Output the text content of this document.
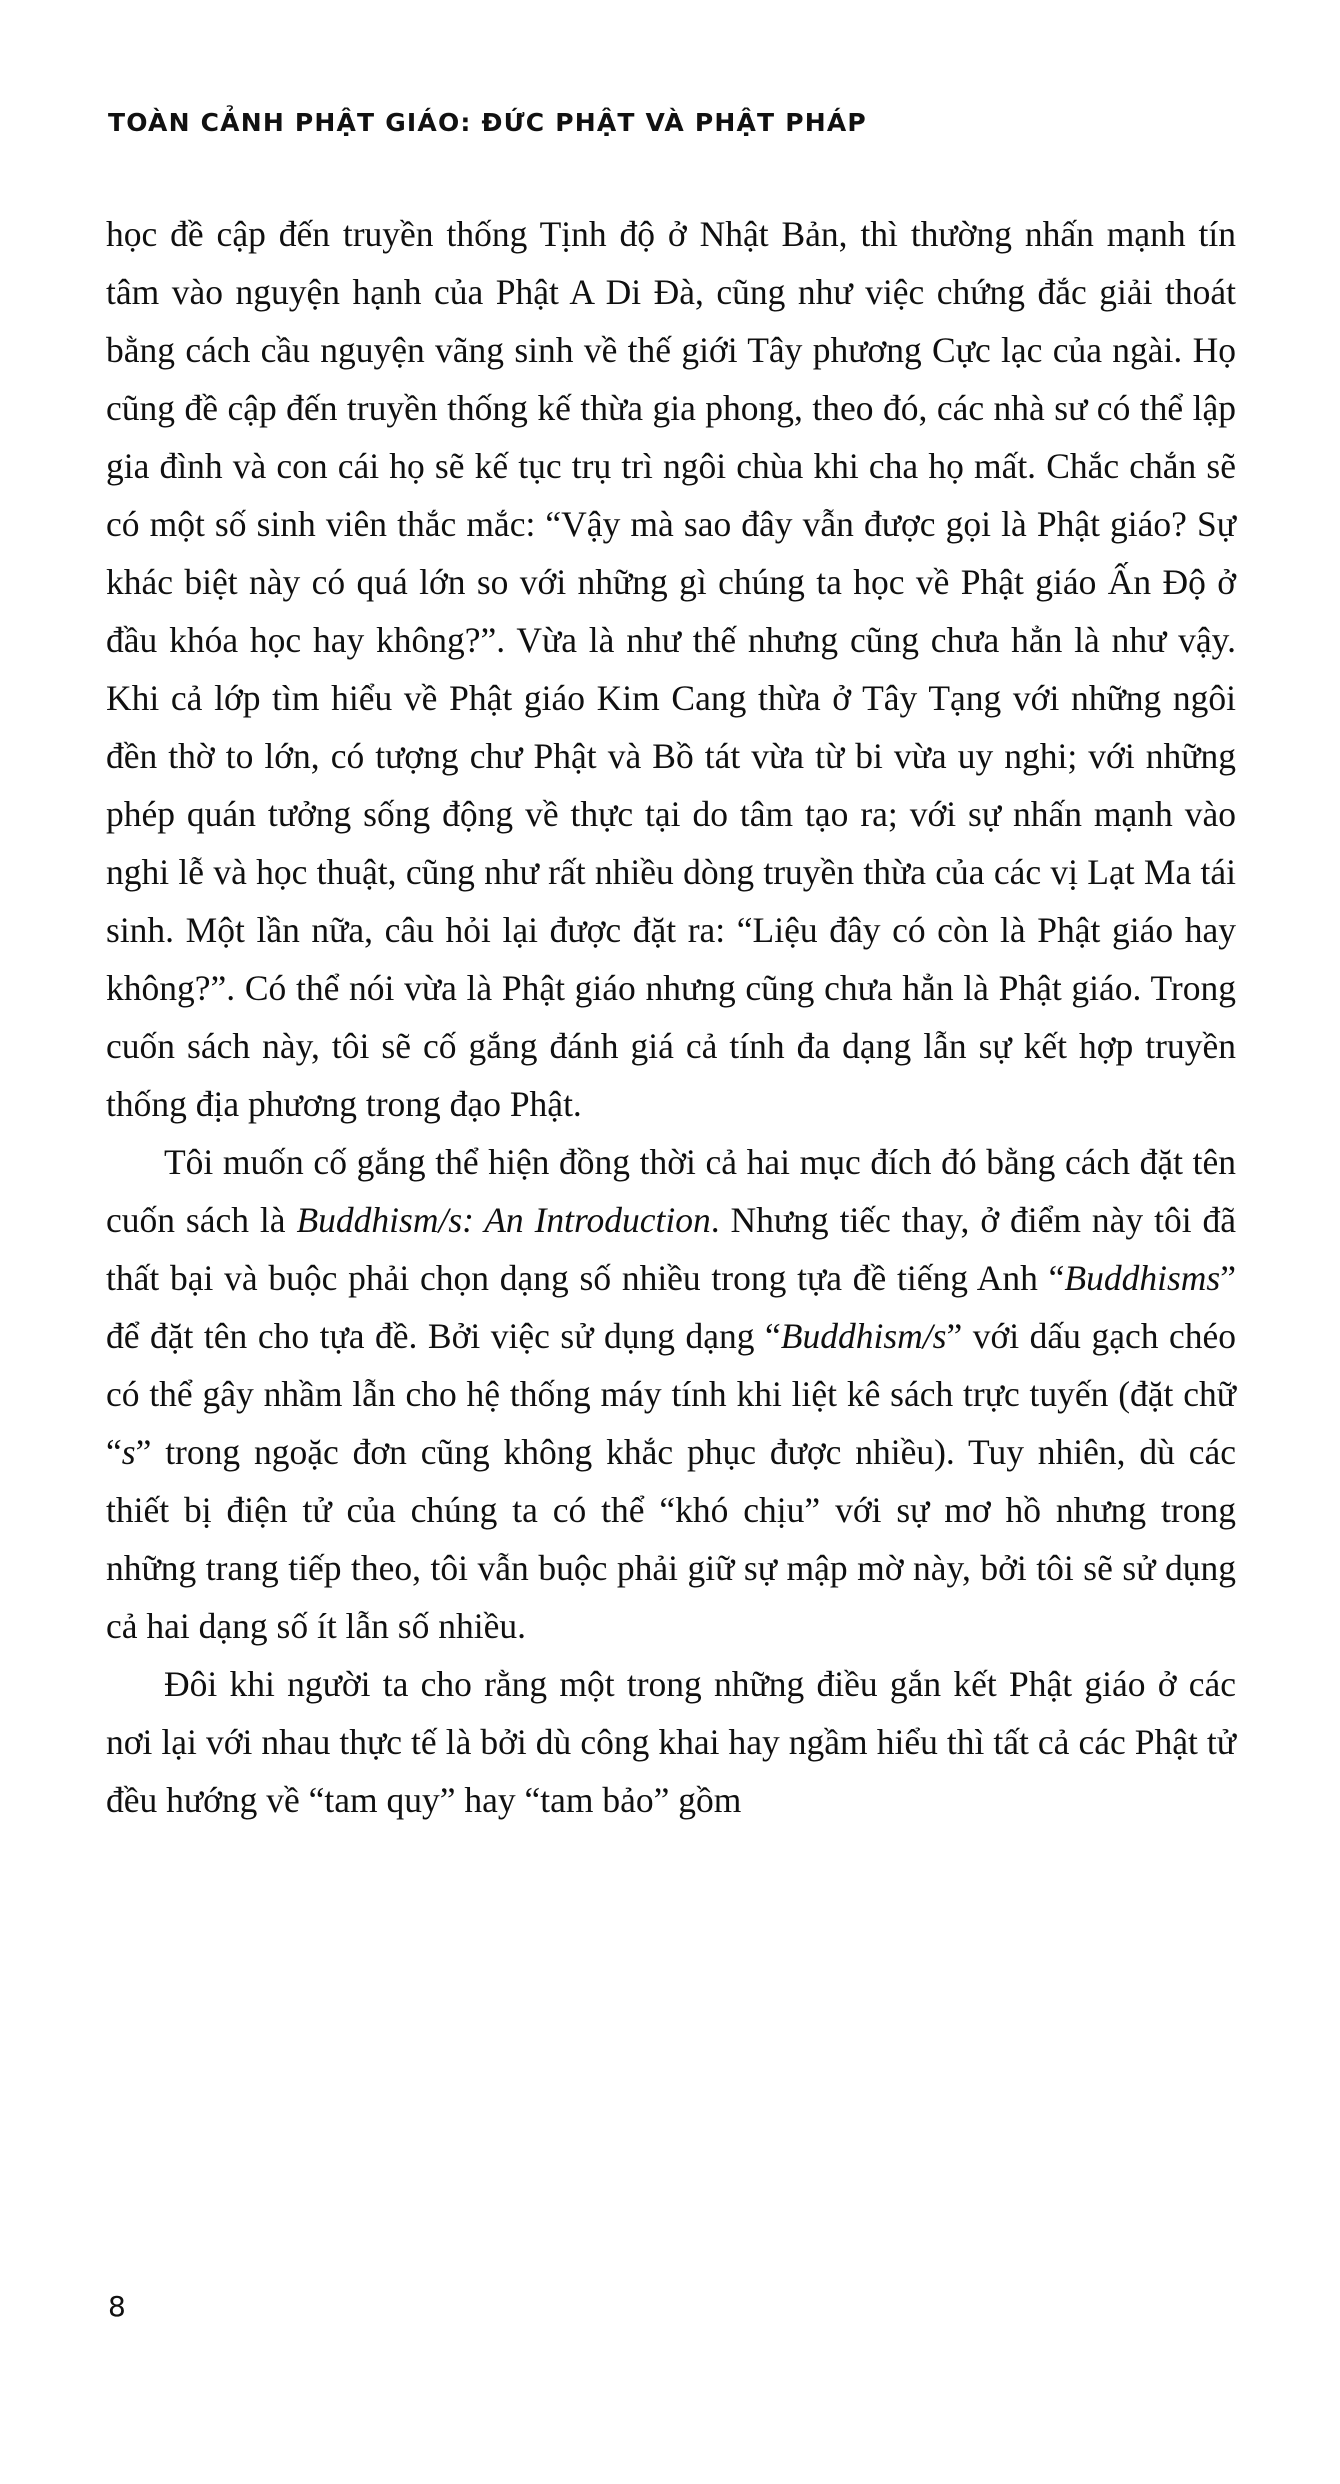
TOÀN CẢNH PHẬT GIÁO: ĐỨC PHẬT VÀ PHẬT PHÁP

học đề cập đến truyền thống Tịnh độ ở Nhật Bản, thì thường nhấn mạnh tín tâm vào nguyện hạnh của Phật A Di Đà, cũng như việc chứng đắc giải thoát bằng cách cầu nguyện vãng sinh về thế giới Tây phương Cực lạc của ngài. Họ cũng đề cập đến truyền thống kế thừa gia phong, theo đó, các nhà sư có thể lập gia đình và con cái họ sẽ kế tục trụ trì ngôi chùa khi cha họ mất. Chắc chắn sẽ có một số sinh viên thắc mắc: “Vậy mà sao đây vẫn được gọi là Phật giáo? Sự khác biệt này có quá lớn so với những gì chúng ta học về Phật giáo Ấn Độ ở đầu khóa học hay không?”. Vừa là như thế nhưng cũng chưa hẳn là như vậy. Khi cả lớp tìm hiểu về Phật giáo Kim Cang thừa ở Tây Tạng với những ngôi đền thờ to lớn, có tượng chư Phật và Bồ tát vừa từ bi vừa uy nghi; với những phép quán tưởng sống động về thực tại do tâm tạo ra; với sự nhấn mạnh vào nghi lễ và học thuật, cũng như rất nhiều dòng truyền thừa của các vị Lạt Ma tái sinh. Một lần nữa, câu hỏi lại được đặt ra: “Liệu đây có còn là Phật giáo hay không?”. Có thể nói vừa là Phật giáo nhưng cũng chưa hẳn là Phật giáo. Trong cuốn sách này, tôi sẽ cố gắng đánh giá cả tính đa dạng lẫn sự kết hợp truyền thống địa phương trong đạo Phật.

Tôi muốn cố gắng thể hiện đồng thời cả hai mục đích đó bằng cách đặt tên cuốn sách là Buddhism/s: An Introduction. Nhưng tiếc thay, ở điểm này tôi đã thất bại và buộc phải chọn dạng số nhiều trong tựa đề tiếng Anh “Buddhisms” để đặt tên cho tựa đề. Bởi việc sử dụng dạng “Buddhism/s” với dấu gạch chéo có thể gây nhầm lẫn cho hệ thống máy tính khi liệt kê sách trực tuyến (đặt chữ “s” trong ngoặc đơn cũng không khắc phục được nhiều). Tuy nhiên, dù các thiết bị điện tử của chúng ta có thể “khó chịu” với sự mơ hồ nhưng trong những trang tiếp theo, tôi vẫn buộc phải giữ sự mập mờ này, bởi tôi sẽ sử dụng cả hai dạng số ít lẫn số nhiều.

Đôi khi người ta cho rằng một trong những điều gắn kết Phật giáo ở các nơi lại với nhau thực tế là bởi dù công khai hay ngầm hiểu thì tất cả các Phật tử đều hướng về “tam quy” hay “tam bảo” gồm

8
